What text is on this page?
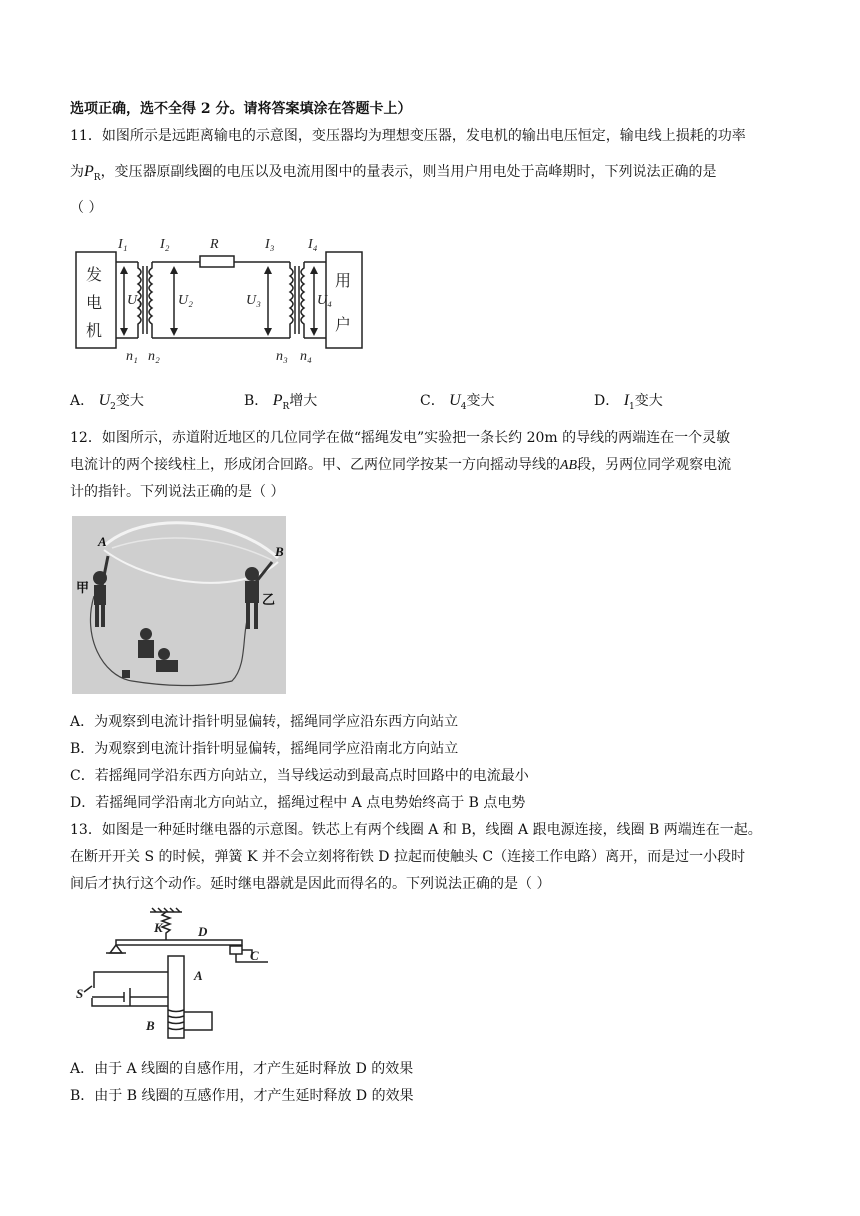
选项正确，选不全得 2 分。请将答案填涂在答题卡上）
11．如图所示是远距离输电的示意图，变压器均为理想变压器，发电机的输出电压恒定，输电线上损耗的功率
为$P_R$，变压器原副线圈的电压以及电流用图中的量表示，则当用户用电处于高峰期时，下列说法正确的是
（ ）
发
电
机
用
户
I₁ I₂	R	I₃ I₄
U₁	U₂	U₃	U₄
n₁ n₂	n₃ n₄
A． $U_2$变大	B． $P_R$增大	C． $U_4$变大	D． $I_1$变大
12．如图所示，赤道附近地区的几位同学在做“摇绳发电”实验把一条长约 20m 的导线的两端连在一个灵敏
电流计的两个接线柱上，形成闭合回路。甲、乙两位同学按某一方向摇动导线的AB段，另两位同学观察电流
计的指针。下列说法正确的是（ ）
A
B
甲
乙
A．为观察到电流计指针明显偏转，摇绳同学应沿东西方向站立
B．为观察到电流计指针明显偏转，摇绳同学应沿南北方向站立
C．若摇绳同学沿东西方向站立，当导线运动到最高点时回路中的电流最小
D．若摇绳同学沿南北方向站立，摇绳过程中 A 点电势始终高于 B 点电势
13．如图是一种延时继电器的示意图。铁芯上有两个线圈 A 和 B，线圈 A 跟电源连接，线圈 B 两端连在一起。
在断开开关 S 的时候，弹簧 K 并不会立刻将衔铁 D 拉起而使触头 C（连接工作电路）离开，而是过一小段时
间后才执行这个动作。延时继电器就是因此而得名的。下列说法正确的是（ ）
K	D
C
S
A
B
A．由于 A 线圈的自感作用，才产生延时释放 D 的效果
B．由于 B 线圈的互感作用，才产生延时释放 D 的效果
